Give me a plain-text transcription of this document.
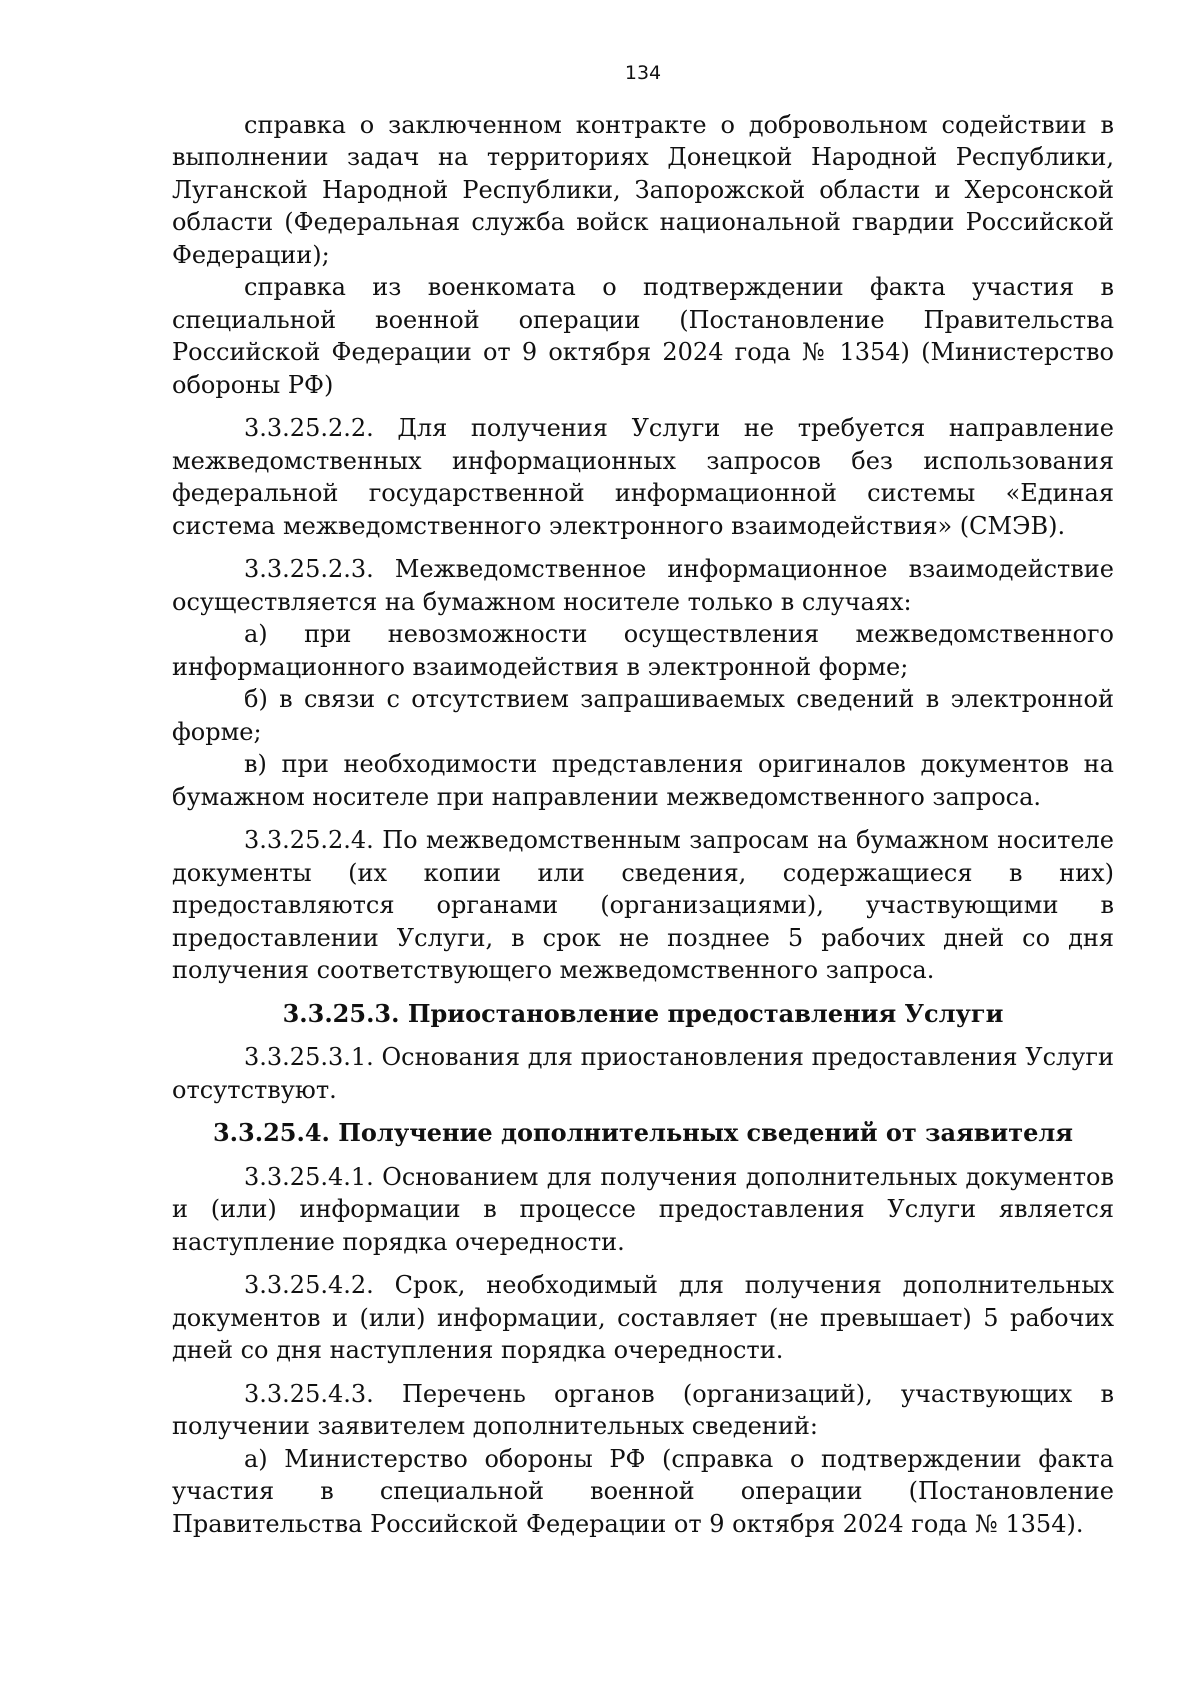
134

справка о заключенном контракте о добровольном содействии в выполнении задач на территориях Донецкой Народной Республики, Луганской Народной Республики, Запорожской области и Херсонской области (Федеральная служба войск национальной гвардии Российской Федерации);

справка из военкомата о подтверждении факта участия в специальной военной операции (Постановление Правительства Российской Федерации от 9 октября 2024 года № 1354) (Министерство обороны РФ)

3.3.25.2.2. Для получения Услуги не требуется направление межведомственных информационных запросов без использования федеральной государственной информационной системы «Единая система межведомственного электронного взаимодействия» (СМЭВ).

3.3.25.2.3. Межведомственное информационное взаимодействие осуществляется на бумажном носителе только в случаях:

а) при невозможности осуществления межведомственного информационного взаимодействия в электронной форме;

б) в связи с отсутствием запрашиваемых сведений в электронной форме;

в) при необходимости представления оригиналов документов на бумажном носителе при направлении межведомственного запроса.

3.3.25.2.4. По межведомственным запросам на бумажном носителе документы (их копии или сведения, содержащиеся в них) предоставляются органами (организациями), участвующими в предоставлении Услуги, в срок не позднее 5 рабочих дней со дня получения соответствующего межведомственного запроса.

3.3.25.3. Приостановление предоставления Услуги

3.3.25.3.1. Основания для приостановления предоставления Услуги отсутствуют.

3.3.25.4. Получение дополнительных сведений от заявителя

3.3.25.4.1. Основанием для получения дополнительных документов и (или) информации в процессе предоставления Услуги является наступление порядка очередности.

3.3.25.4.2. Срок, необходимый для получения дополнительных документов и (или) информации, составляет (не превышает) 5 рабочих дней со дня наступления порядка очередности.

3.3.25.4.3. Перечень органов (организаций), участвующих в получении заявителем дополнительных сведений:

а) Министерство обороны РФ (справка о подтверждении факта участия в специальной военной операции (Постановление Правительства Российской Федерации от 9 октября 2024 года № 1354).
